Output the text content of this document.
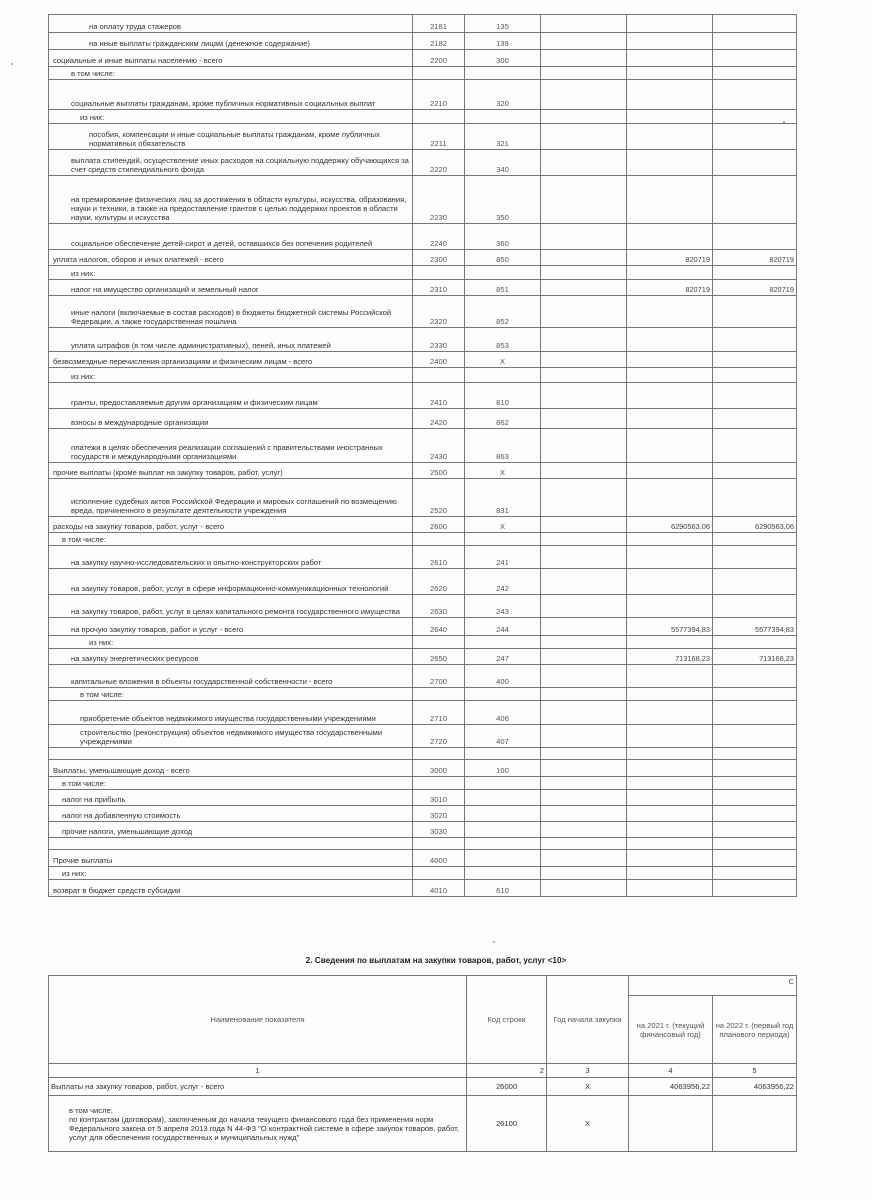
на оплату труда стажеров	2181	135			
на иные выплаты гражданским лицам (денежное содержание)	2182	139			
социальные и иные выплаты населению - всего	2200	300			
в том числе:					
социальные выплаты гражданам, кроме публичных нормативных социальных выплат	2210	320			
из них:					
пособия, компенсации и иные социальные выплаты гражданам, кроме публичных нормативных обязательств	2211	321			
выплата стипендий, осуществление иных расходов на социальную поддержку обучающихся за счет средств стипендиального фонда	2220	340			
на премирование физических лиц за достижения в области культуры, искусства, образования, науки и техники, а также на предоставление грантов с целью поддержки проектов в области науки, культуры и искусства	2230	350			
социальное обеспечение детей-сирот и детей, оставшихся без попечения родителей	2240	360			
уплата налогов, сборов и иных платежей - всего	2300	850		820719	820719
из них:					
налог на имущество организаций и земельный налог	2310	851		820719	820719
иные налоги (включаемые в состав расходов) в бюджеты бюджетной системы Российской Федерации, а также государственная пошлина	2320	852			
уплата штрафов (в том числе административных), пеней, иных платежей	2330	853			
безвозмездные перечисления организациям и физическим лицам - всего	2400	Х			
из них:					
гранты, предоставляемые другим организациям и физическим лицам	2410	810			
взносы в международные организации	2420	862			
платежи в целях обеспечения реализации соглашений с правительствами иностранных государств и международными организациями	2430	863			
прочие выплаты (кроме выплат на закупку товаров, работ, услуг)	2500	Х			
исполнение судебных актов Российской Федерации и мировых соглашений по возмещению вреда, причиненного в результате деятельности учреждения	2520	831			
расходы на закупку товаров, работ, услуг - всего	2600	Х		6290563,06	6290563,06
в том числе:					
на закупку научно-исследовательских и опытно-конструкторских работ	2610	241			
на закупку товаров, работ, услуг в сфере информационно-коммуникационных технологий	2620	242			
на закупку товаров, работ, услуг в целях капитального ремонта государственного имущества	2630	243			
на прочую закупку товаров, работ и услуг - всего	2640	244		5577394,83	5577394,83
из них:					
на закупку энергетических ресурсов	2650	247		713168,23	713168,23
капитальные вложения в объекты государственной собственности - всего	2700	400			
в том числе:					
приобретение объектов недвижимого имущества государственными учреждениями	2710	406			
строительство (реконструкция) объектов недвижимого имущества государственными учреждениями	2720	407			

Выплаты, уменьшающие доход - всего	3000	100			
в том числе:					
налог на прибыль	3010				
налог на добавленную стоимость	3020				
прочие налоги, уменьшающие доход	3030				

Прочие выплаты	4000				
из них:					
возврат в бюджет средств субсидии	4010	610			
2. Сведения по выплатам на закупки товаров, работ, услуг <10>
Наименование показателя	Код строки	Год начала закупки	С	
			на 2021 г. (текущий финансовый год)	на 2022 г. (первый год планового периода)
1	2	3	4	5
Выплаты на закупку товаров, работ, услуг - всего	26000	Х	4063956,22	4063956,22
в том числе:
по контрактам (договорам), заключенным до начала текущего финансового года без применения норм Федерального закона от 5 апреля 2013 года N 44-ФЗ "О контрактной системе в сфере закупок товаров, работ, услуг для обеспечения государственных и муниципальных нужд"	26100	Х		
